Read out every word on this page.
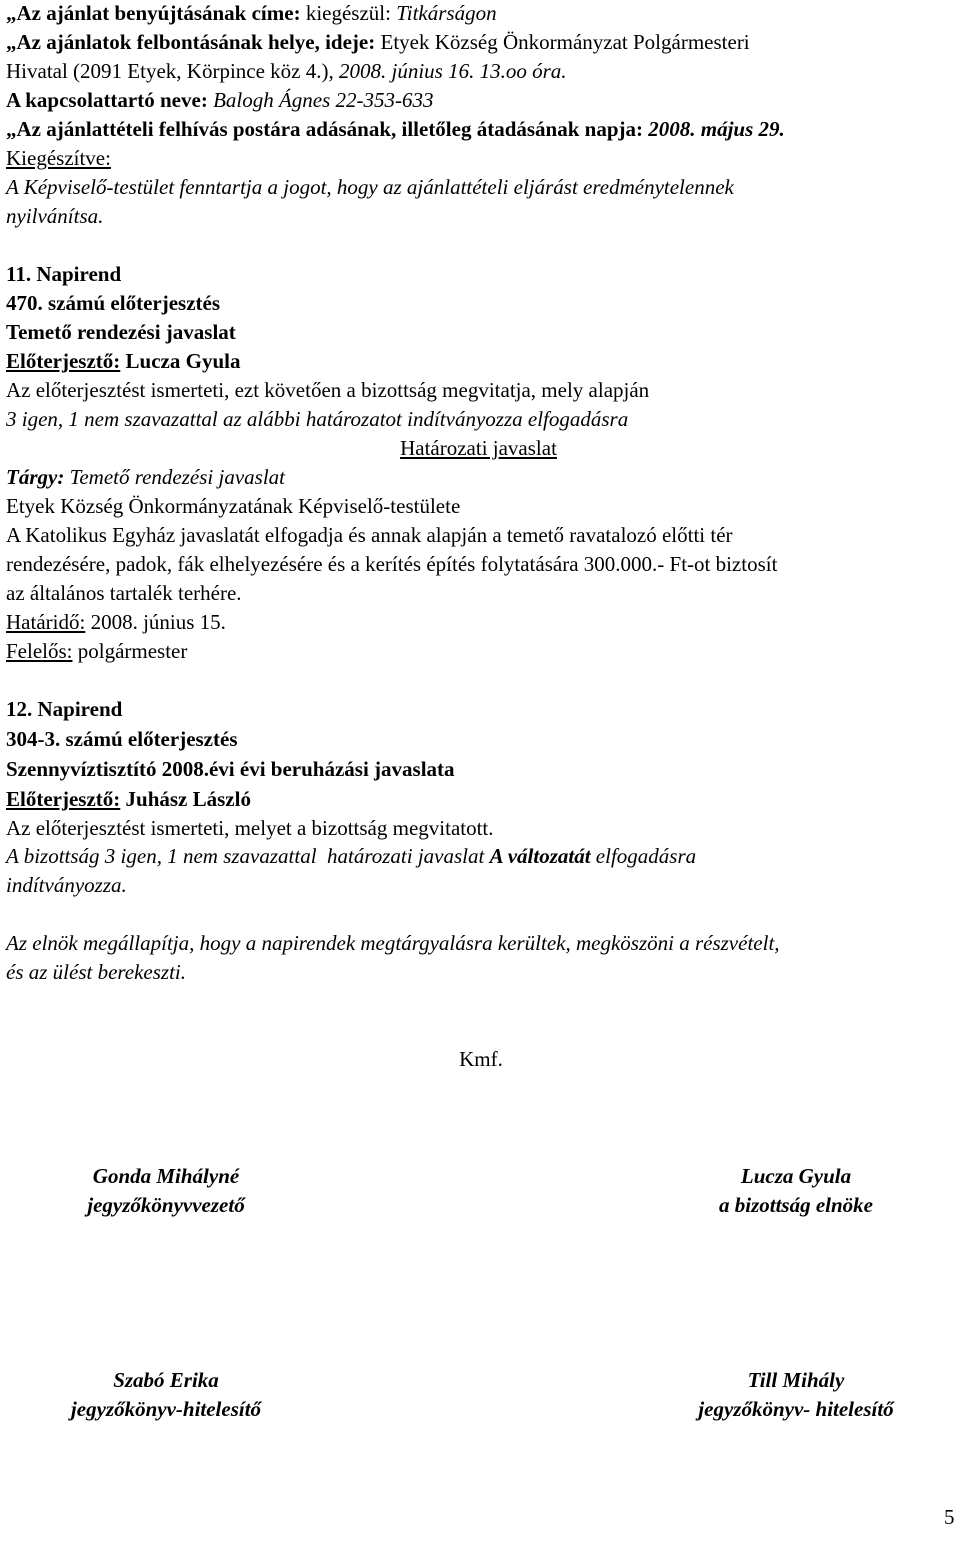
„Az ajánlat benyújtásának címe: kiegészül: Titkárságon
„Az ajánlatok felbontásának helye, ideje: Etyek Község Önkormányzat Polgármesteri
Hivatal (2091 Etyek, Körpince köz 4.), 2008. június 16. 13.oo óra.
A kapcsolattartó neve: Balogh Ágnes 22-353-633
„Az ajánlattételi felhívás postára adásának, illetőleg átadásának napja: 2008. május 29.
Kiegészítve:
A Képviselő-testület fenntartja a jogot, hogy az ajánlattételi eljárást eredménytelennek
nyilvánítsa.
11. Napirend
470. számú előterjesztés
Temető rendezési javaslat
Előterjesztő: Lucza Gyula
Az előterjesztést ismerteti, ezt követően a bizottság megvitatja, mely alapján
3 igen, 1 nem szavazattal az alábbi határozatot indítványozza elfogadásra
Határozati javaslat
Tárgy: Temető rendezési javaslat
Etyek Község Önkormányzatának Képviselő-testülete
A Katolikus Egyház javaslatát elfogadja és annak alapján a temető ravatalozó előtti tér
rendezésére, padok, fák elhelyezésére és a kerítés építés folytatására 300.000.- Ft-ot biztosít
az általános tartalék terhére.
Határidő: 2008. június 15.
Felelős: polgármester
12. Napirend
304-3. számú előterjesztés
Szennyvíztisztító 2008.évi évi beruházási javaslata
Előterjesztő: Juhász László
Az előterjesztést ismerteti, melyet a bizottság megvitatott.
A bizottság 3 igen, 1 nem szavazattal  határozati javaslat A változatát elfogadásra
indítványozza.
Az elnök megállapítja, hogy a napirendek megtárgyalásra kerültek, megköszöni a részvételt,
és az ülést berekeszti.
Kmf.
Gonda Mihályné
jegyzőkönyvvezető
Lucza Gyula
a bizottság elnöke
Szabó Erika
jegyzőkönyv-hitelesítő
Till Mihály
jegyzőkönyv- hitelesítő
5
